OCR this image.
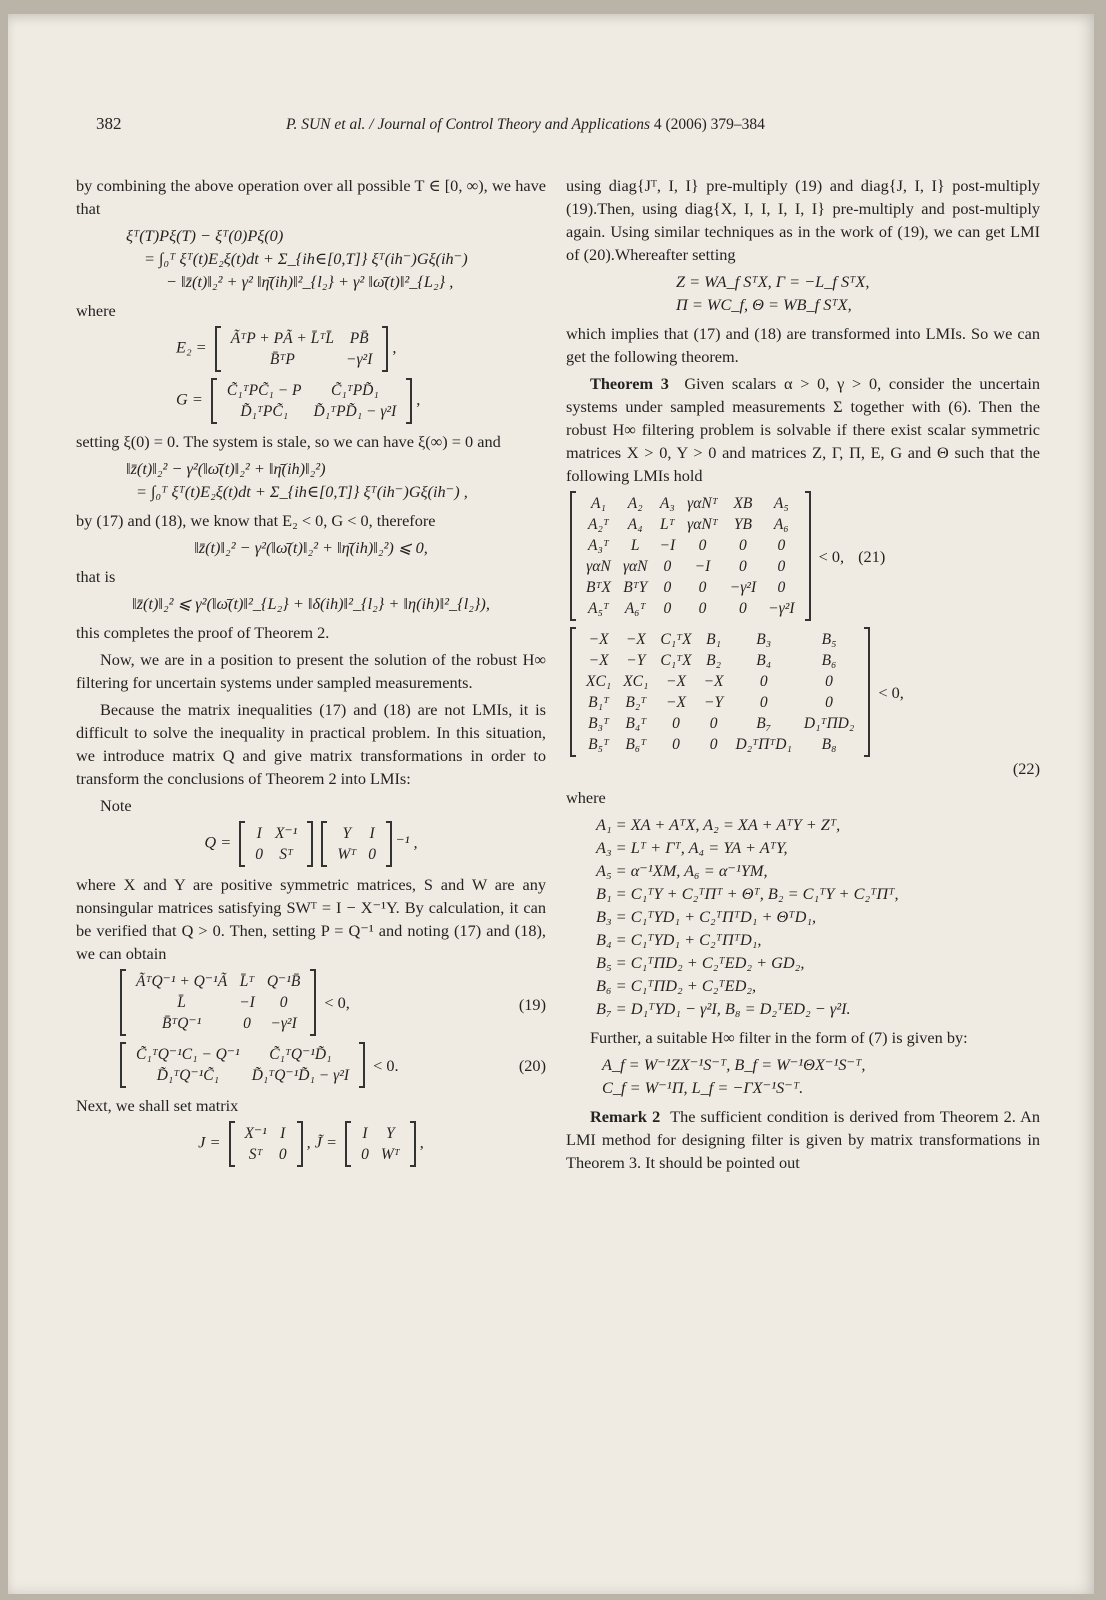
382	P. SUN et al. / Journal of Control Theory and Applications 4 (2006) 379–384

by combining the above operation over all possible T ∈ [0, ∞), we have that

ξᵀ(T)Pξ(T) − ξᵀ(0)Pξ(0)
= ∫₀ᵀ ξᵀ(t)E₂ξ(t)dt + Σ_{ih∈[0,T]} ξᵀ(ih⁻)Gξ(ih⁻)
− ‖z̄(t)‖₂² + γ² ‖η̄(ih)‖²_{l₂} + γ² ‖ω̄(t)‖²_{L₂} ,

where

E₂ = ÃᵀP + PÃ + L̄ᵀL̄	PB̄
B̄ᵀP	−γ²I
,
G = C̃₁ᵀPC̃₁ − P	C̃₁ᵀPD̃₁
D̃₁ᵀPC̃₁	D̃₁ᵀPD̃₁ − γ²I
,

setting ξ(0) = 0. The system is stale, so we can have ξ(∞) = 0 and

‖z̄(t)‖₂² − γ²(‖ω̄(t)‖₂² + ‖η̄(ih)‖₂²)
= ∫₀ᵀ ξᵀ(t)E₂ξ(t)dt + Σ_{ih∈[0,T]} ξᵀ(ih⁻)Gξ(ih⁻) ,

by (17) and (18), we know that E₂ < 0, G < 0, therefore

‖z̄(t)‖₂² − γ²(‖ω̄(t)‖₂² + ‖η̄(ih)‖₂²) ⩽ 0,

that is

‖z̄(t)‖₂² ⩽ γ²(‖ω̄(t)‖²_{L₂} + ‖δ(ih)‖²_{l₂} + ‖η(ih)‖²_{l₂}),

this completes the proof of Theorem 2.

Now, we are in a position to present the solution of the robust H∞ filtering for uncertain systems under sampled measurements.

Because the matrix inequalities (17) and (18) are not LMIs, it is difficult to solve the inequality in practical problem. In this situation, we introduce matrix Q and give matrix transformations in order to transform the conclusions of Theorem 2 into LMIs:

Note

Q = I	X⁻¹
0	Sᵀ
Y	I
Wᵀ	0
⁻¹ ,

where X and Y are positive symmetric matrices, S and W are any nonsingular matrices satisfying SWᵀ = I − X⁻¹Y. By calculation, it can be verified that Q > 0. Then, setting P = Q⁻¹ and noting (17) and (18), we can obtain

ÃᵀQ⁻¹ + Q⁻¹Ã	L̄ᵀ	Q⁻¹B̄
L̄	−I	0
B̄ᵀQ⁻¹	0	−γ²I
< 0,	(19)
C̃₁ᵀQ⁻¹C₁ − Q⁻¹	C̃₁ᵀQ⁻¹D̃₁
D̃₁ᵀQ⁻¹C̃₁	D̃₁ᵀQ⁻¹D̃₁ − γ²I
< 0.	(20)

Next, we shall set matrix

J = X⁻¹	I
Sᵀ	0
, J̃ = I	Y
0	Wᵀ
,

using diag{Jᵀ, I, I} pre-multiply (19) and diag{J, I, I} post-multiply (19).Then, using diag{X, I, I, I, I, I} pre-multiply and post-multiply again. Using similar techniques as in the work of (19), we can get LMI of (20).Whereafter setting

Z = WA_f SᵀX, Γ = −L_f SᵀX,
Π = WC_f, Θ = WB_f SᵀX,

which implies that (17) and (18) are transformed into LMIs. So we can get the following theorem.

Theorem 3 Given scalars α > 0, γ > 0, consider the uncertain systems under sampled measurements Σ together with (6). Then the robust H∞ filtering problem is solvable if there exist scalar symmetric matrices X > 0, Y > 0 and matrices Z, Γ, Π, E, G and Θ such that the following LMIs hold

A₁	A₂	A₃	γαNᵀ	XB	A₅
A₂ᵀ	A₄	Lᵀ	γαNᵀ	YB	A₆
A₃ᵀ	L	−I	0	0	0
γαN	γαN	0	−I	0	0
BᵀX	BᵀY	0	0	−γ²I	0
A₅ᵀ	A₆ᵀ	0	0	0	−γ²I
< 0, (21)
−X	−X	C₁ᵀX	B₁	B₃	B₅
−X	−Y	C₁ᵀX	B₂	B₄	B₆
XC₁	XC₁	−X	−X	0	0
B₁ᵀ	B₂ᵀ	−X	−Y	0	0
B₃ᵀ	B₄ᵀ	0	0	B₇	D₁ᵀΠD₂
B₅ᵀ	B₆ᵀ	0	0	D₂ᵀΠᵀD₁	B₈
< 0,
(22)

where

A₁ = XA + AᵀX, A₂ = XA + AᵀY + Zᵀ,
A₃ = Lᵀ + Γᵀ, A₄ = YA + AᵀY,
A₅ = α⁻¹XM, A₆ = α⁻¹YM,
B₁ = C₁ᵀY + C₂ᵀΠᵀ + Θᵀ, B₂ = C₁ᵀY + C₂ᵀΠᵀ,
B₃ = C₁ᵀYD₁ + C₂ᵀΠᵀD₁ + ΘᵀD₁,
B₄ = C₁ᵀYD₁ + C₂ᵀΠᵀD₁,
B₅ = C₁ᵀΠD₂ + C₂ᵀED₂ + GD₂,
B₆ = C₁ᵀΠD₂ + C₂ᵀED₂,
B₇ = D₁ᵀYD₁ − γ²I, B₈ = D₂ᵀED₂ − γ²I.

Further, a suitable H∞ filter in the form of (7) is given by:

A_f = W⁻¹ZX⁻¹S⁻ᵀ, B_f = W⁻¹ΘX⁻¹S⁻ᵀ,
C_f = W⁻¹Π, L_f = −ΓX⁻¹S⁻ᵀ.

Remark 2 The sufficient condition is derived from Theorem 2. An LMI method for designing filter is given by matrix transformations in Theorem 3. It should be pointed out
